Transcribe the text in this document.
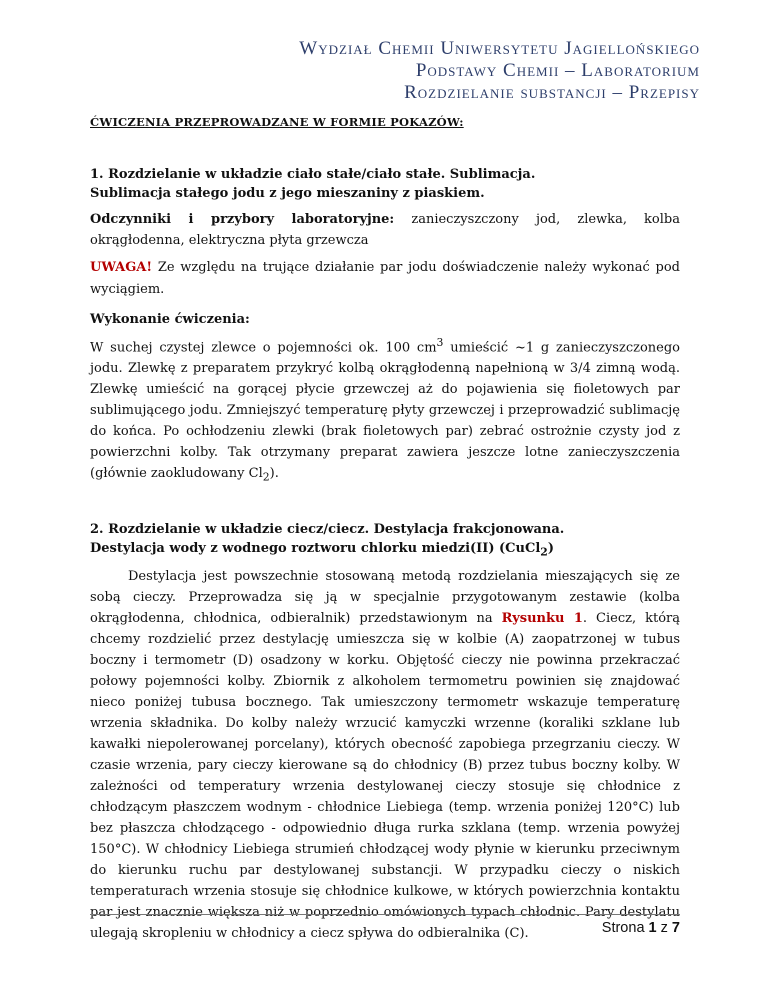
Wydział Chemii Uniwersytetu Jagiellońskiego
Podstawy Chemii – Laboratorium
Rozdzielanie substancji – Przepisy

ĆWICZENIA PRZEPROWADZANE W FORMIE POKAZÓW:

1. Rozdzielanie w układzie ciało stałe/ciało stałe. Sublimacja.
Sublimacja stałego jodu z jego mieszaniny z piaskiem.

Odczynniki i przybory laboratoryjne: zanieczyszczony jod, zlewka, kolba okrągłodenna, elektryczna płyta grzewcza

UWAGA! Ze względu na trujące działanie par jodu doświadczenie należy wykonać pod wyciągiem.

Wykonanie ćwiczenia:

W suchej czystej zlewce o pojemności ok. 100 $cm^3$ umieścić ~1 g zanieczyszczonego jodu. Zlewkę z preparatem przykryć kolbą okrągłodenną napełnioną w 3/4 zimną wodą. Zlewkę umieścić na gorącej płycie grzewczej aż do pojawienia się fioletowych par sublimującego jodu. Zmniejszyć temperaturę płyty grzewczej i przeprowadzić sublimację do końca. Po ochłodzeniu zlewki (brak fioletowych par) zebrać ostrożnie czysty jod z powierzchni kolby. Tak otrzymany preparat zawiera jeszcze lotne zanieczyszczenia (głównie zaokludowany $Cl_2$).

2. Rozdzielanie w układzie ciecz/ciecz. Destylacja frakcjonowana.
Destylacja wody z wodnego roztworu chlorku miedzi(II) (CuCl$_2$)

Destylacja jest powszechnie stosowaną metodą rozdzielania mieszających się ze sobą cieczy. Przeprowadza się ją w specjalnie przygotowanym zestawie (kolba okrągłodenna, chłodnica, odbieralnik) przedstawionym na Rysunku 1. Ciecz, którą chcemy rozdzielić przez destylację umieszcza się w kolbie (A) zaopatrzonej w tubus boczny i termometr (D) osadzony w korku. Objętość cieczy nie powinna przekraczać połowy pojemności kolby. Zbiornik z alkoholem termometru powinien się znajdować nieco poniżej tubusa bocznego. Tak umieszczony termometr wskazuje temperaturę wrzenia składnika. Do kolby należy wrzucić kamyczki wrzenne (koraliki szklane lub kawałki niepolerowanej porcelany), których obecność zapobiega przegrzaniu cieczy. W czasie wrzenia, pary cieczy kierowane są do chłodnicy (B) przez tubus boczny kolby. W zależności od temperatury wrzenia destylowanej cieczy stosuje się chłodnice z chłodzącym płaszczem wodnym - chłodnice Liebiega (temp. wrzenia poniżej 120°C) lub bez płaszcza chłodzącego - odpowiednio długa rurka szklana (temp. wrzenia powyżej 150°C). W chłodnicy Liebiega strumień chłodzącej wody płynie w kierunku przeciwnym do kierunku ruchu par destylowanej substancji. W przypadku cieczy o niskich temperaturach wrzenia stosuje się chłodnice kulkowe, w których powierzchnia kontaktu par jest znacznie większa niż w poprzednio omówionych typach chłodnic. Pary destylatu ulegają skropleniu w chłodnicy a ciecz spływa do odbieralnika (C).	Strona 1 z 7
